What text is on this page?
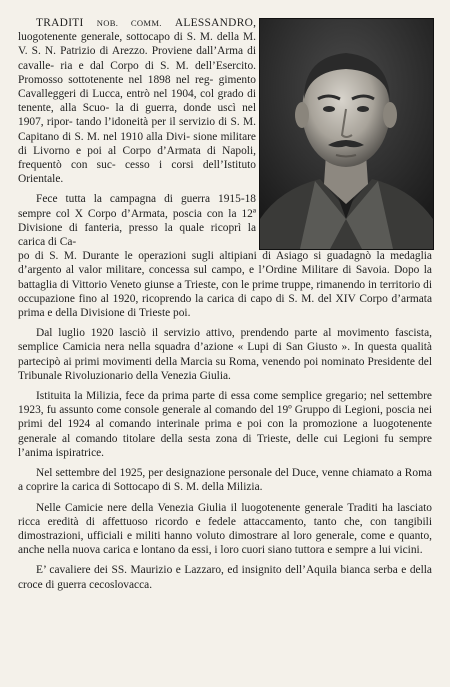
TRADITI NOB. COMM. ALESSANDRO, luogotenente generale, sottocapo di S. M. della M. V. S. N. Patrizio di Arezzo. Proviene dall’Arma di cavalle- ria e dal Corpo di S. M. dell’Esercito. Promosso sottotenente nel 1898 nel reg- gimento Cavalleggeri di Lucca, entrò nel 1904, col grado di tenente, alla Scuo- la di guerra, donde uscì nel 1907, ripor- tando l’idoneità per il servizio di S. M. Capitano di S. M. nel 1910 alla Divi- sione militare di Livorno e poi al Corpo d’Armata di Napoli, frequentò con suc- cesso i corsi dell’Istituto Orientale.

Fece tutta la campagna di guerra 1915-18 sempre col X Corpo d’Armata, poscia con la 12ª Divisione di fanteria, presso la quale ricoprì la carica di Ca-

po di S. M. Durante le operazioni sugli altipiani di Asiago si guadagnò la medaglia d’argento al valor militare, concessa sul campo, e l’Ordine Militare di Savoia. Dopo la battaglia di Vittorio Veneto giunse a Trieste, con le prime truppe, rimanendo in territorio di occupazione fino al 1920, ricoprendo la carica di capo di S. M. del XIV Corpo d’armata prima e della Divisione di Trieste poi.

Dal luglio 1920 lasciò il servizio attivo, prendendo parte al movimento fascista, semplice Camicia nera nella squadra d’azione « Lupi di San Giusto ». In questa qualità partecipò ai primi movimenti della Marcia su Roma, venendo poi nominato Presidente del Tribunale Rivoluzionario della Venezia Giulia.

Istituita la Milizia, fece da prima parte di essa come semplice gregario; nel settembre 1923, fu assunto come console generale al comando del 19º Gruppo di Legioni, poscia nei primi del 1924 al comando interinale prima e poi con la promozione a luogotenente generale al comando titolare della sesta zona di Trieste, delle cui Legioni fu sempre l’anima ispiratrice.

Nel settembre del 1925, per designazione personale del Duce, venne chiamato a Roma a coprire la carica di Sottocapo di S. M. della Milizia.

Nelle Camicie nere della Venezia Giulia il luogotenente generale Traditi ha lasciato ricca eredità di affettuoso ricordo e fedele attaccamento, tanto che, con tangibili dimostrazioni, ufficiali e militi hanno voluto dimostrare al loro generale, come e quanto, anche nella nuova carica e lontano da essi, i loro cuori siano tuttora e sempre a lui vicini.

E’ cavaliere dei SS. Maurizio e Lazzaro, ed insignito dell’Aquila bianca serba e della croce di guerra cecoslovacca.
